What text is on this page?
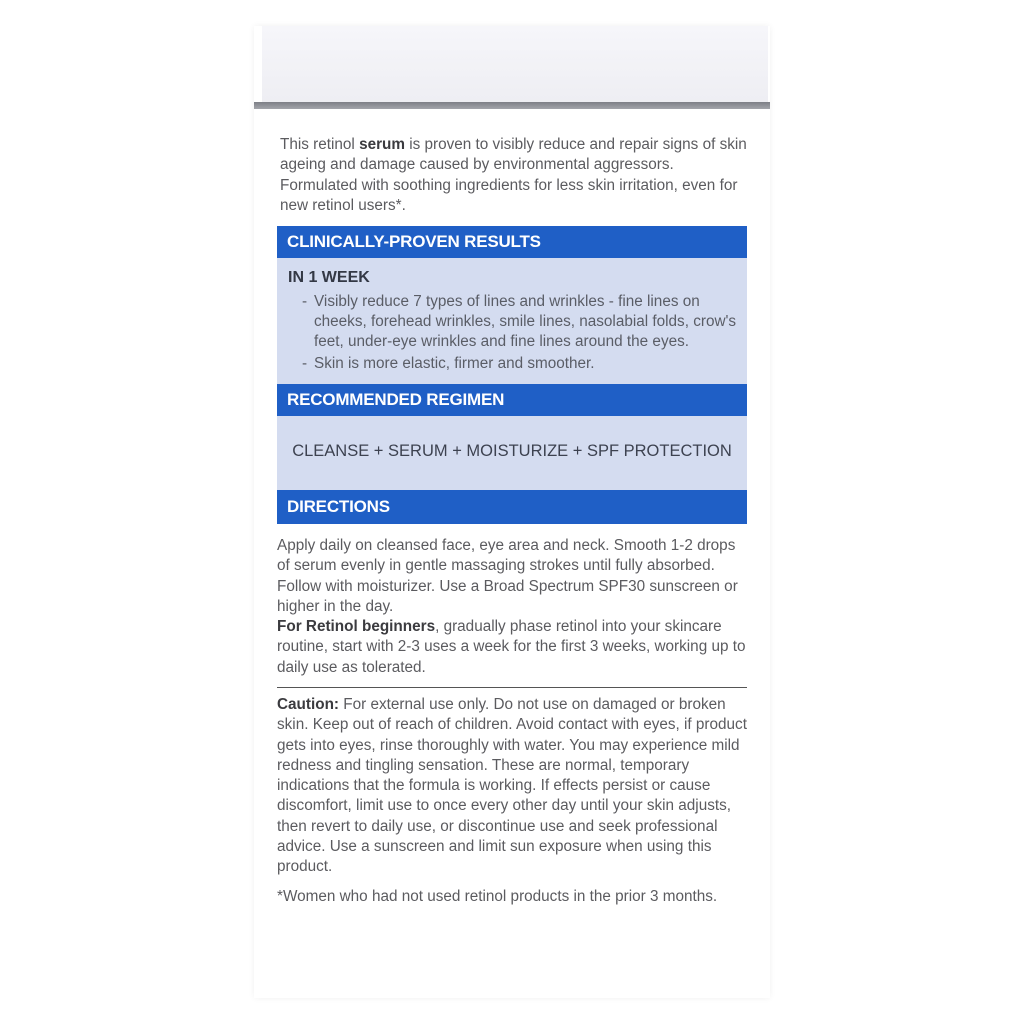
This retinol serum is proven to visibly reduce and repair signs of skin ageing and damage caused by environmental aggressors. Formulated with soothing ingredients for less skin irritation, even for new retinol users*.
CLINICALLY-PROVEN RESULTS
IN 1 WEEK
- Visibly reduce 7 types of lines and wrinkles - fine lines on cheeks, forehead wrinkles, smile lines, nasolabial folds, crow's feet, under-eye wrinkles and fine lines around the eyes.
- Skin is more elastic, firmer and smoother.
RECOMMENDED REGIMEN
CLEANSE + SERUM + MOISTURIZE + SPF PROTECTION
DIRECTIONS
Apply daily on cleansed face, eye area and neck. Smooth 1-2 drops of serum evenly in gentle massaging strokes until fully absorbed. Follow with moisturizer. Use a Broad Spectrum SPF30 sunscreen or higher in the day.
For Retinol beginners, gradually phase retinol into your skincare routine, start with 2-3 uses a week for the first 3 weeks, working up to daily use as tolerated.
Caution: For external use only. Do not use on damaged or broken skin. Keep out of reach of children. Avoid contact with eyes, if product gets into eyes, rinse thoroughly with water. You may experience mild redness and tingling sensation. These are normal, temporary indications that the formula is working. If effects persist or cause discomfort, limit use to once every other day until your skin adjusts, then revert to daily use, or discontinue use and seek professional advice. Use a sunscreen and limit sun exposure when using this product.
*Women who had not used retinol products in the prior 3 months.
